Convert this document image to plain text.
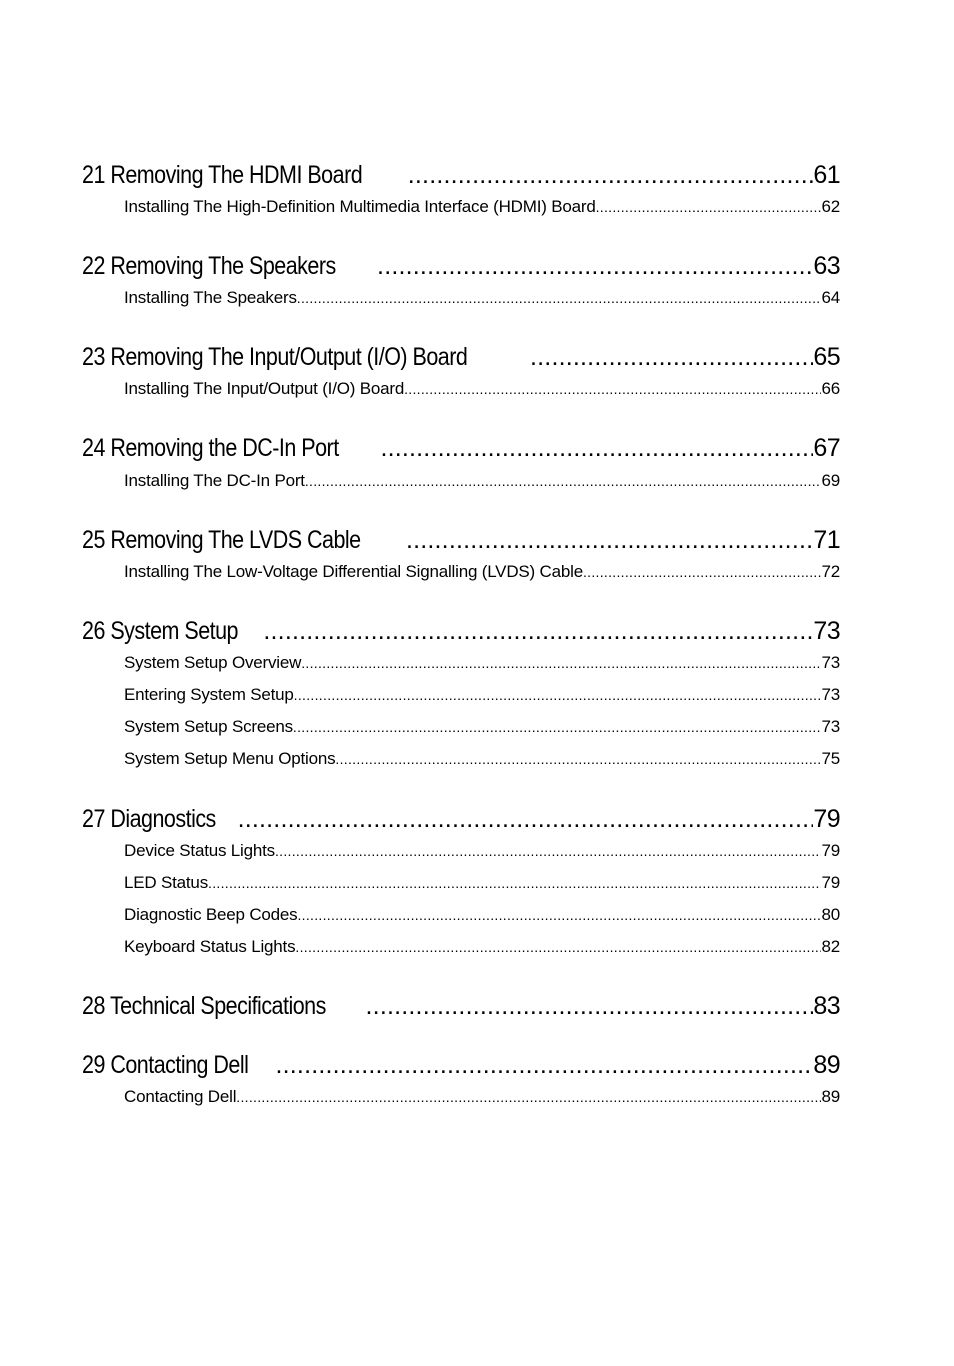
21 Removing The HDMI Board .....	61
Installing The High-Definition Multimedia Interface (HDMI) Board .....	62
22 Removing The Speakers .....	63
Installing The Speakers .....	64
23 Removing The Input/Output (I/O) Board .....	65
Installing The Input/Output (I/O) Board .....	66
24 Removing the DC-In Port .....	67
Installing The DC-In Port .....	69
25 Removing The LVDS Cable .....	71
Installing The Low-Voltage Differential Signalling (LVDS) Cable .....	72
26 System Setup .....	73
System Setup Overview .....	73
Entering System Setup .....	73
System Setup Screens .....	73
System Setup Menu Options .....	75
27 Diagnostics .....	79
Device Status Lights .....	79
LED Status .....	79
Diagnostic Beep Codes .....	80
Keyboard Status Lights .....	82
28 Technical Specifications .....	83
29 Contacting Dell .....	89
Contacting Dell .....	89
